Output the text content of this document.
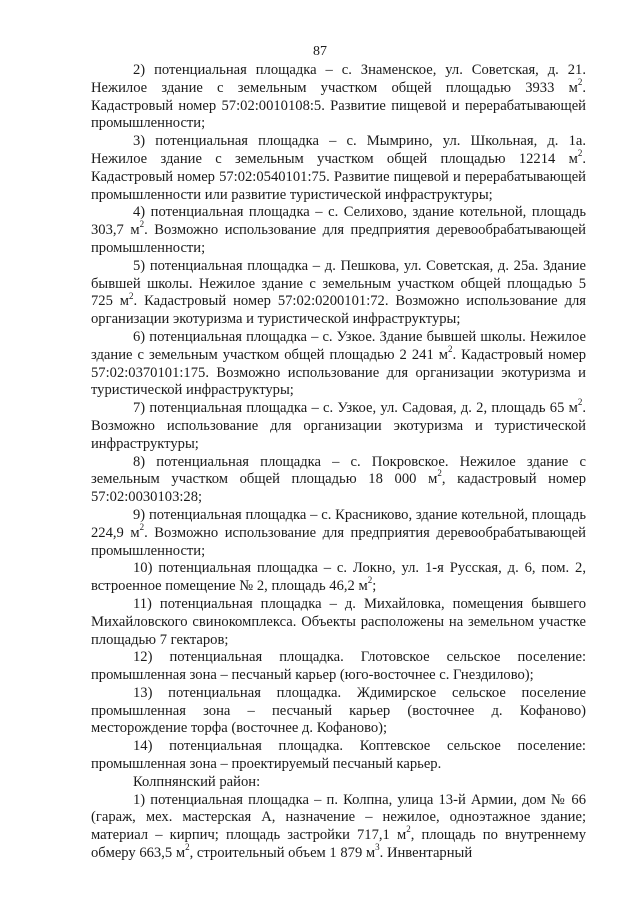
87

2) потенциальная площадка – с. Знаменское, ул. Советская, д. 21. Нежилое здание с земельным участком общей площадью 3933 $м^2$. Кадастровый номер 57:02:0010108:5. Развитие пищевой и перерабатывающей промышленности;

3) потенциальная площадка – с. Мымрино, ул. Школьная, д. 1а. Нежилое здание с земельным участком общей площадью 12214 $м^2$. Кадастровый номер 57:02:0540101:75. Развитие пищевой и перерабатывающей промышленности или развитие туристической инфраструктуры;

4) потенциальная площадка – с. Селихово, здание котельной, площадь 303,7 $м^2$. Возможно использование для предприятия деревообрабатывающей промышленности;

5) потенциальная площадка – д. Пешкова, ул. Советская, д. 25а. Здание бывшей школы. Нежилое здание с земельным участком общей площадью 5 725 $м^2$. Кадастровый номер 57:02:0200101:72. Возможно использование для организации экотуризма и туристической инфраструктуры;

6) потенциальная площадка – с. Узкое. Здание бывшей школы. Нежилое здание с земельным участком общей площадью 2 241 $м^2$. Кадастровый номер 57:02:0370101:175. Возможно использование для организации экотуризма и туристической инфраструктуры;

7) потенциальная площадка – с. Узкое, ул. Садовая, д. 2, площадь 65 $м^2$. Возможно использование для организации экотуризма и туристической инфраструктуры;

8) потенциальная площадка – с. Покровское. Нежилое здание с земельным участком общей площадью 18 000 $м^2$, кадастровый номер 57:02:0030103:28;

9) потенциальная площадка – с. Красниково, здание котельной, площадь 224,9 $м^2$. Возможно использование для предприятия деревообрабатывающей промышленности;

10) потенциальная площадка – с. Локно, ул. 1-я Русская, д. 6, пом. 2, встроенное помещение № 2, площадь 46,2 $м^2$;

11) потенциальная площадка – д. Михайловка, помещения бывшего Михайловского свинокомплекса. Объекты расположены на земельном участке площадью 7 гектаров;

12) потенциальная площадка. Глотовское сельское поселение: промышленная зона – песчаный карьер (юго-восточнее с. Гнездилово);

13) потенциальная площадка. Ждимирское сельское поселение промышленная зона – песчаный карьер (восточнее д. Кофаново) месторождение торфа (восточнее д. Кофаново);

14) потенциальная площадка. Коптевское сельское поселение: промышленная зона – проектируемый песчаный карьер.

Колпнянский район:

1) потенциальная площадка – п. Колпна, улица 13-й Армии, дом № 66 (гараж, мех. мастерская А, назначение – нежилое, одноэтажное здание; материал – кирпич; площадь застройки 717,1 $м^2$, площадь по внутреннему обмеру 663,5 $м^2$, строительный объем 1 879 $м^3$. Инвентарный
